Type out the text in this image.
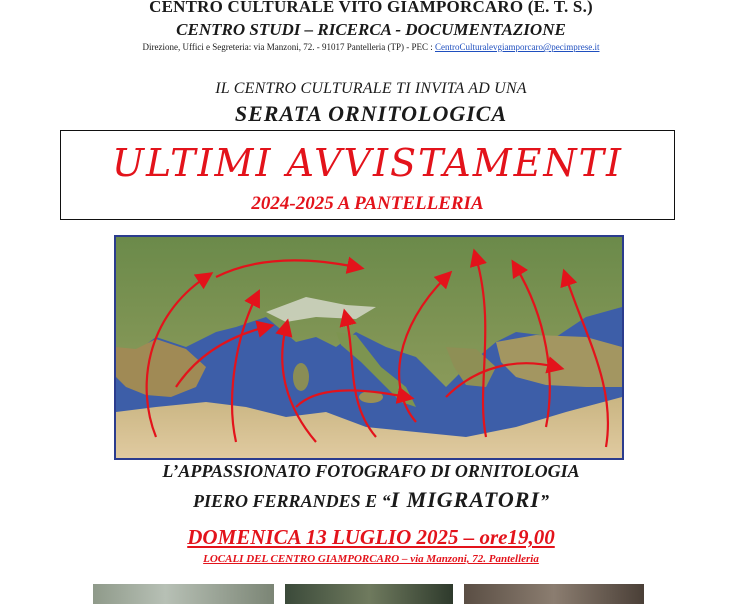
CENTRO CULTURALE VITO GIAMPORCARO (E. T. S.)
CENTRO STUDI – RICERCA - DOCUMENTAZIONE
Direzione, Uffici e Segreteria: via Manzoni, 72. - 91017 Pantelleria (TP) - PEC : CentroCulturalevgiamporcaro@pecimprese.it
IL CENTRO CULTURALE TI INVITA AD UNA
SERATA ORNITOLOGICA
ULTIMI AVVISTAMENTI
2024-2025 A PANTELLERIA
L’APPASSIONATO FOTOGRAFO DI ORNITOLOGIA
PIERO FERRANDES E “I MIGRATORI”
DOMENICA 13 LUGLIO 2025 – ore19,00
LOCALI DEL CENTRO GIAMPORCARO – via Manzoni, 72. Pantelleria
